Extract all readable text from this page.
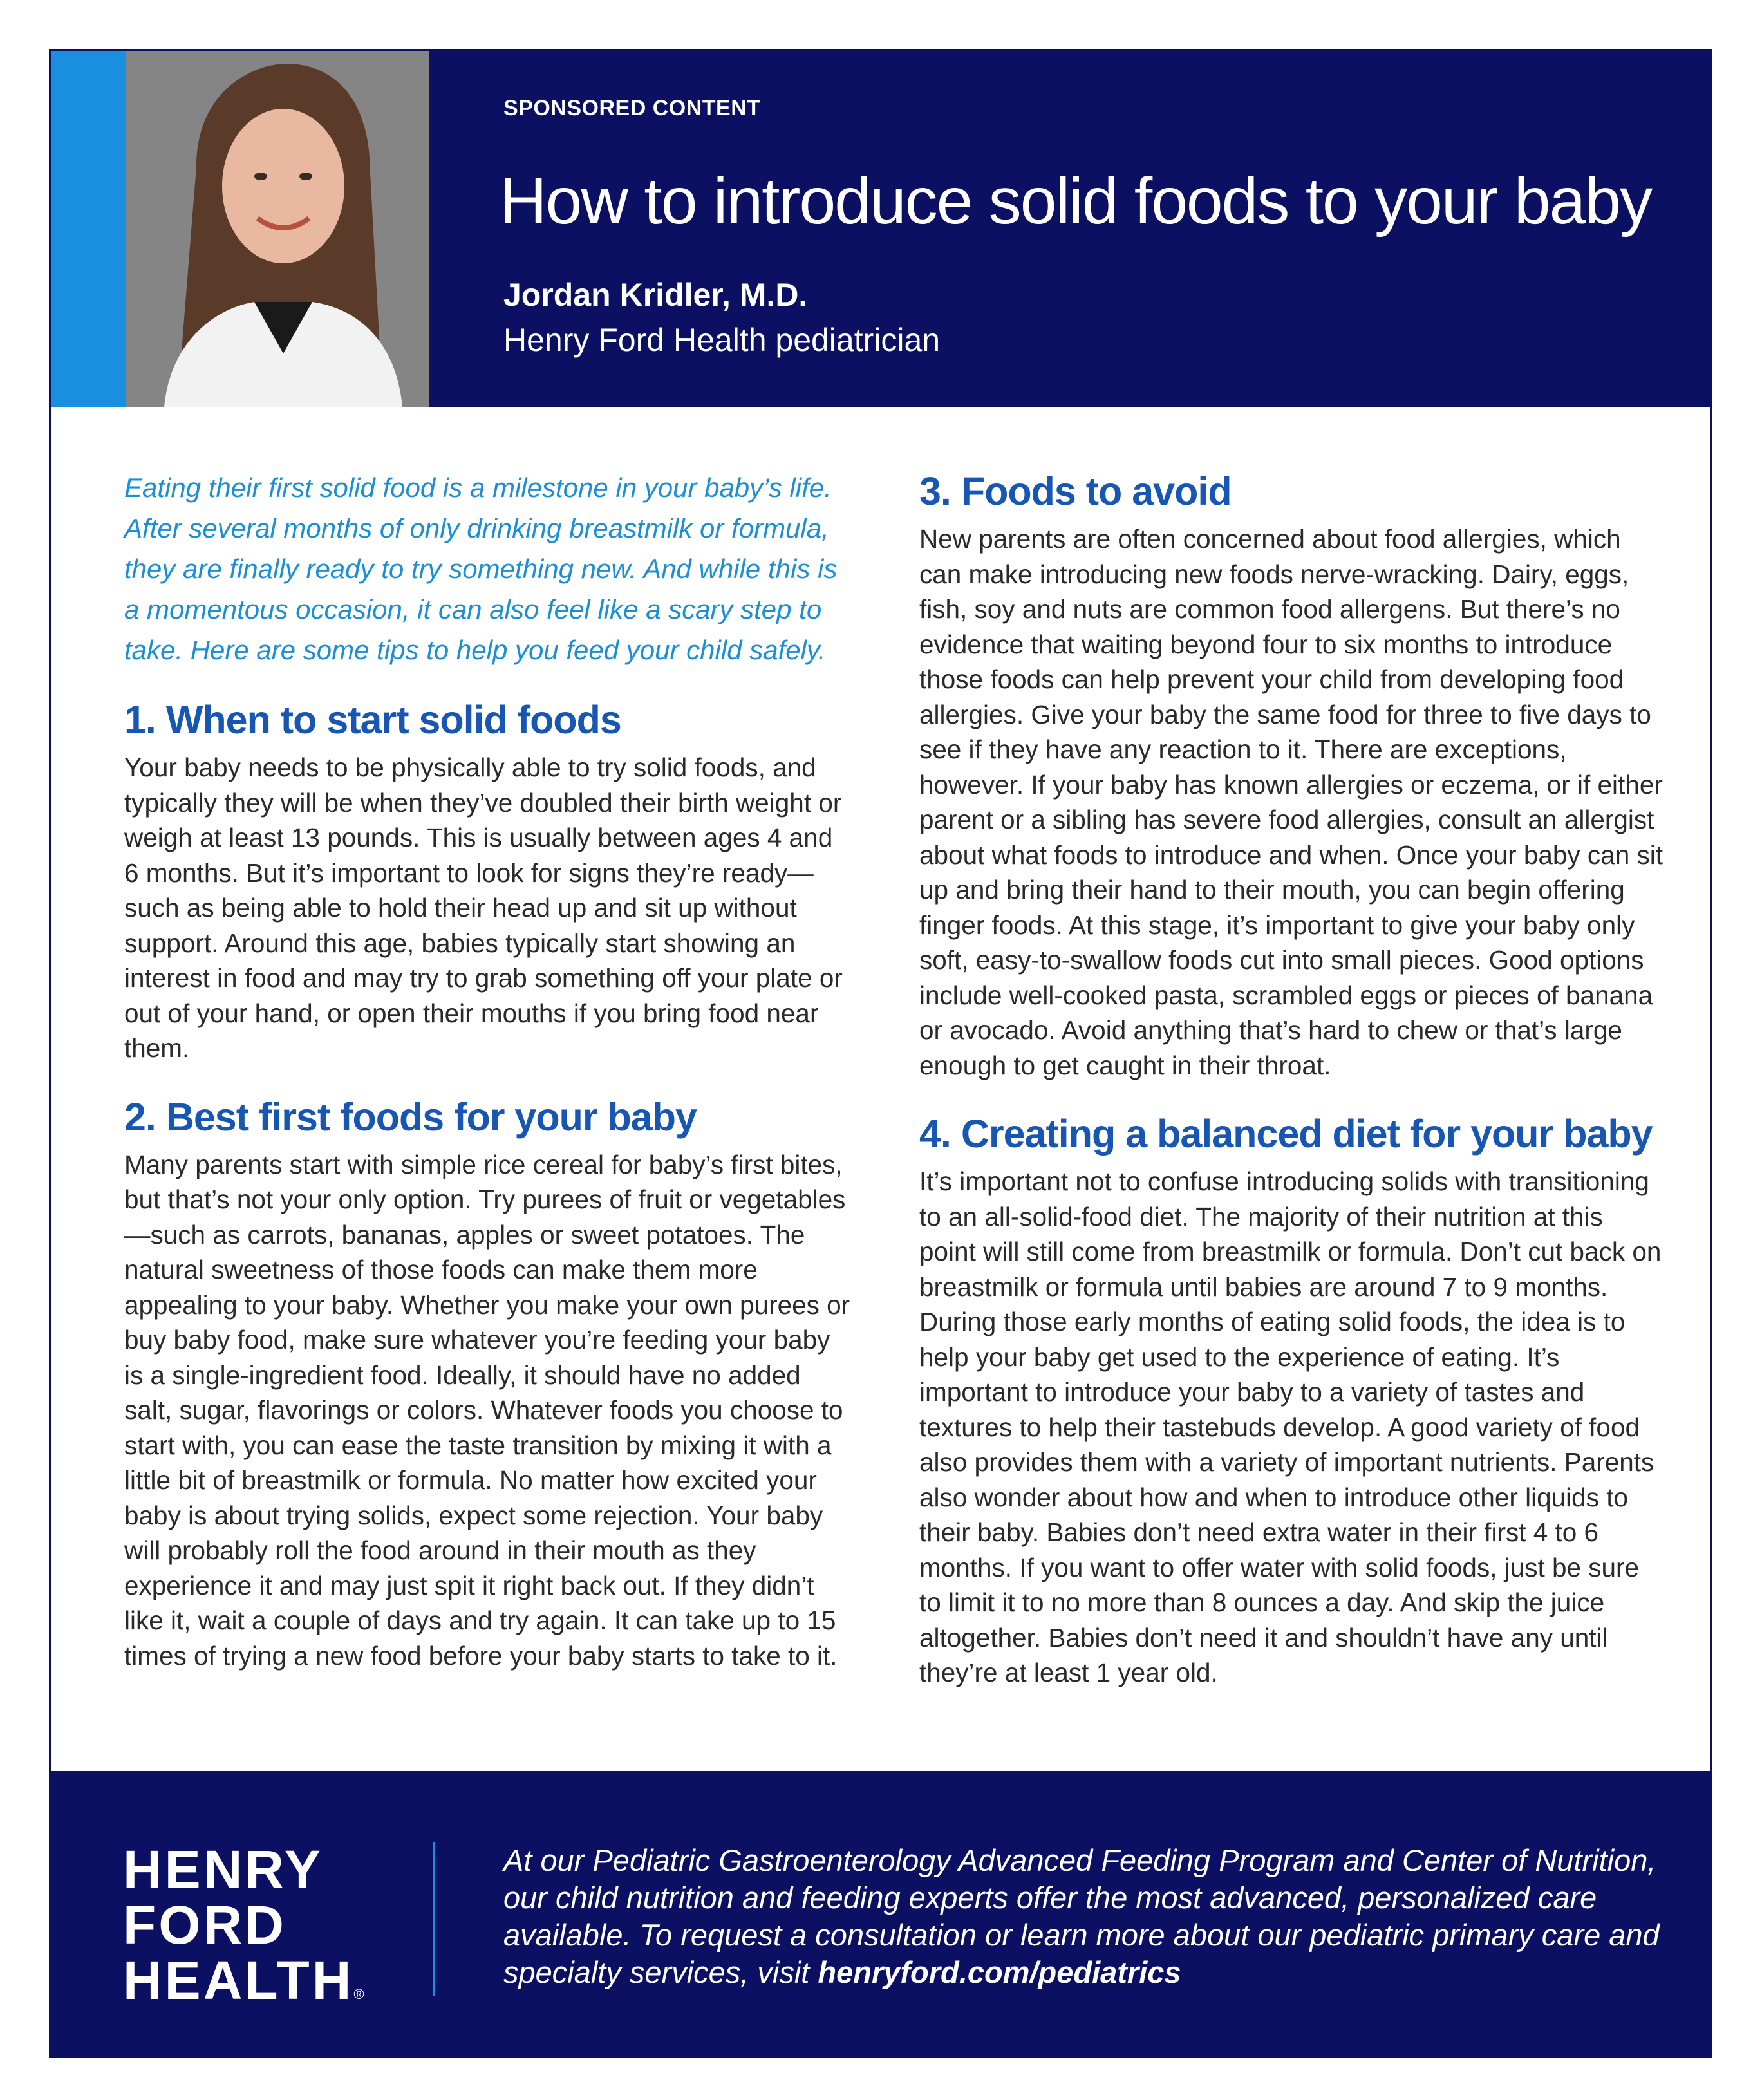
SPONSORED CONTENT
How to introduce solid foods to your baby
Jordan Kridler, M.D.
Henry Ford Health pediatrician

Eating their first solid food is a milestone in your baby’s life. After several months of only drinking breastmilk or formula, they are finally ready to try something new. And while this is a momentous occasion, it can also feel like a scary step to take. Here are some tips to help you feed your child safely.

1. When to start solid foods

Your baby needs to be physically able to try solid foods, and typically they will be when they’ve doubled their birth weight or weigh at least 13 pounds. This is usually between ages 4 and 6 months. But it’s important to look for signs they’re ready—such as being able to hold their head up and sit up without support. Around this age, babies typically start showing an interest in food and may try to grab something off your plate or out of your hand, or open their mouths if you bring food near them.

2. Best first foods for your baby

Many parents start with simple rice cereal for baby’s first bites, but that’s not your only option. Try purees of fruit or vegetables—such as carrots, bananas, apples or sweet potatoes. The natural sweetness of those foods can make them more appealing to your baby. Whether you make your own purees or buy baby food, make sure whatever you’re feeding your baby is a single-ingredient food. Ideally, it should have no added salt, sugar, flavorings or colors. Whatever foods you choose to start with, you can ease the taste transition by mixing it with a little bit of breastmilk or formula. No matter how excited your baby is about trying solids, expect some rejection. Your baby will probably roll the food around in their mouth as they experience it and may just spit it right back out. If they didn’t like it, wait a couple of days and try again. It can take up to 15 times of trying a new food before your baby starts to take to it.

3. Foods to avoid

New parents are often concerned about food allergies, which can make introducing new foods nerve-wracking. Dairy, eggs, fish, soy and nuts are common food allergens. But there’s no evidence that waiting beyond four to six months to introduce those foods can help prevent your child from developing food allergies. Give your baby the same food for three to five days to see if they have any reaction to it. There are exceptions, however. If your baby has known allergies or eczema, or if either parent or a sibling has severe food allergies, consult an allergist about what foods to introduce and when. Once your baby can sit up and bring their hand to their mouth, you can begin offering finger foods. At this stage, it’s important to give your baby only soft, easy-to-swallow foods cut into small pieces. Good options include well-cooked pasta, scrambled eggs or pieces of banana or avocado. Avoid anything that’s hard to chew or that’s large enough to get caught in their throat.

4. Creating a balanced diet for your baby

It’s important not to confuse introducing solids with transitioning to an all-solid-food diet. The majority of their nutrition at this point will still come from breastmilk or formula. Don’t cut back on breastmilk or formula until babies are around 7 to 9 months. During those early months of eating solid foods, the idea is to help your baby get used to the experience of eating. It’s important to introduce your baby to a variety of tastes and textures to help their tastebuds develop. A good variety of food also provides them with a variety of important nutrients. Parents also wonder about how and when to introduce other liquids to their baby. Babies don’t need extra water in their first 4 to 6 months. If you want to offer water with solid foods, just be sure to limit it to no more than 8 ounces a day. And skip the juice altogether. Babies don’t need it and shouldn’t have any until they’re at least 1 year old.

HENRY
FORD
HEALTH®
At our Pediatric Gastroenterology Advanced Feeding Program and Center of Nutrition, our child nutrition and feeding experts offer the most advanced, personalized care available. To request a consultation or learn more about our pediatric primary care and specialty services, visit henryford.com/pediatrics
